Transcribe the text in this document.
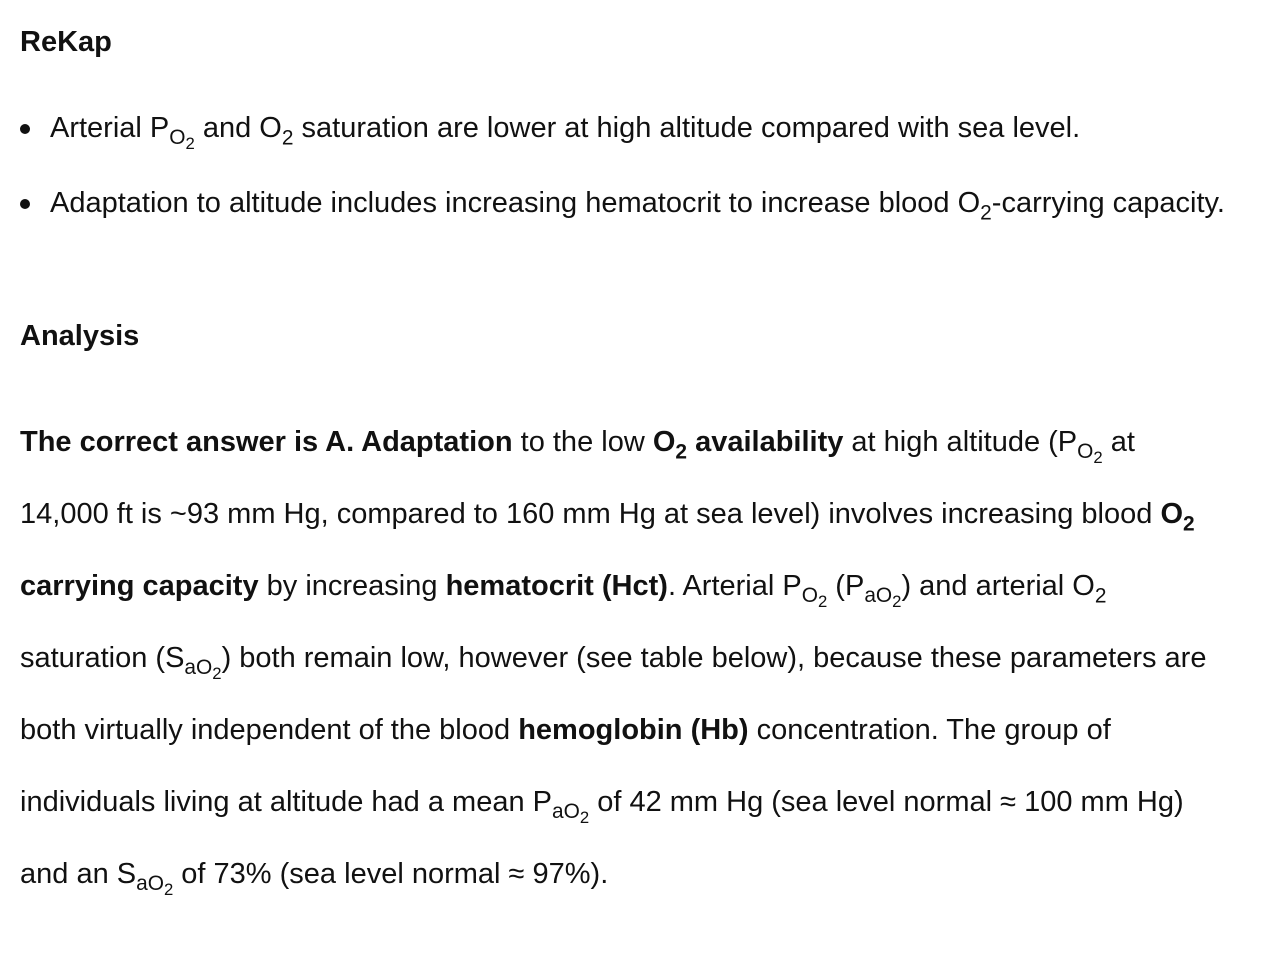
ReKap
Arterial $P_{O_2}$ and $O_2$ saturation are lower at high altitude compared with sea level.
Adaptation to altitude includes increasing hematocrit to increase blood $O_2$-carrying capacity.
Analysis

The correct answer is A. Adaptation to the low $O_2$ availability at high altitude ($P_{O_2}$ at 14,000 ft is ~93 mm Hg, compared to 160 mm Hg at sea level) involves increasing blood $O_2$ carrying capacity by increasing hematocrit (Hct). Arterial $P_{O_2}$ $(P_{aO_2})$ and arterial $O_2$ saturation $(S_{aO_2})$ both remain low, however (see table below), because these parameters are both virtually independent of the blood hemoglobin (Hb) concentration. The group of individuals living at altitude had a mean $P_{aO_2}$ of 42 mm Hg (sea level normal ≈ 100 mm Hg) and an $S_{aO_2}$ of 73% (sea level normal ≈ 97%).
